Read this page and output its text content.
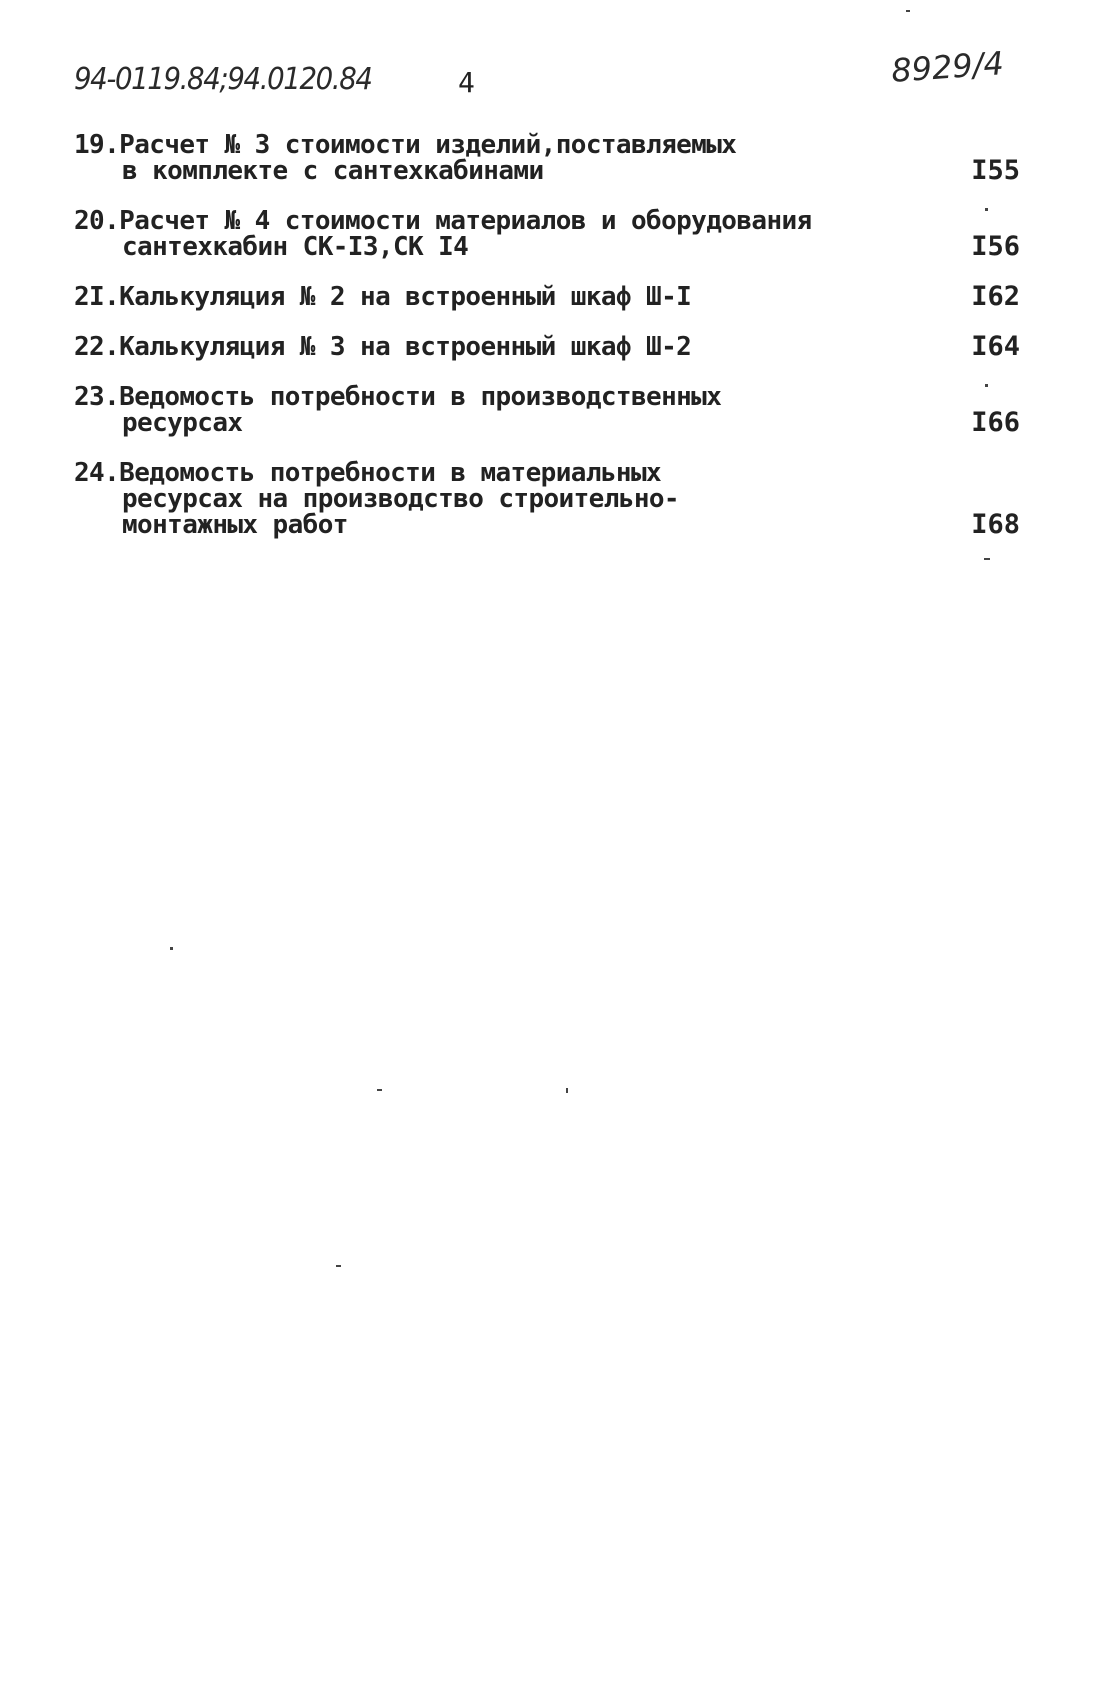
94-0119.84;94.0120.84	4	8929/4
19.Расчет № 3 стоимости изделий,поставляемых
в комплекте с сантехкабинами	I55
20.Расчет № 4 стоимости материалов и оборудования
сантехкабин СК-I3,СК I4	I56
2I.Калькуляция № 2 на встроенный шкаф Ш-I	I62
22.Калькуляция № 3 на встроенный шкаф Ш-2	I64
23.Ведомость потребности в производственных
ресурсах	I66
24.Ведомость потребности в материальных
ресурсах на производство строительно-
монтажных работ	I68
